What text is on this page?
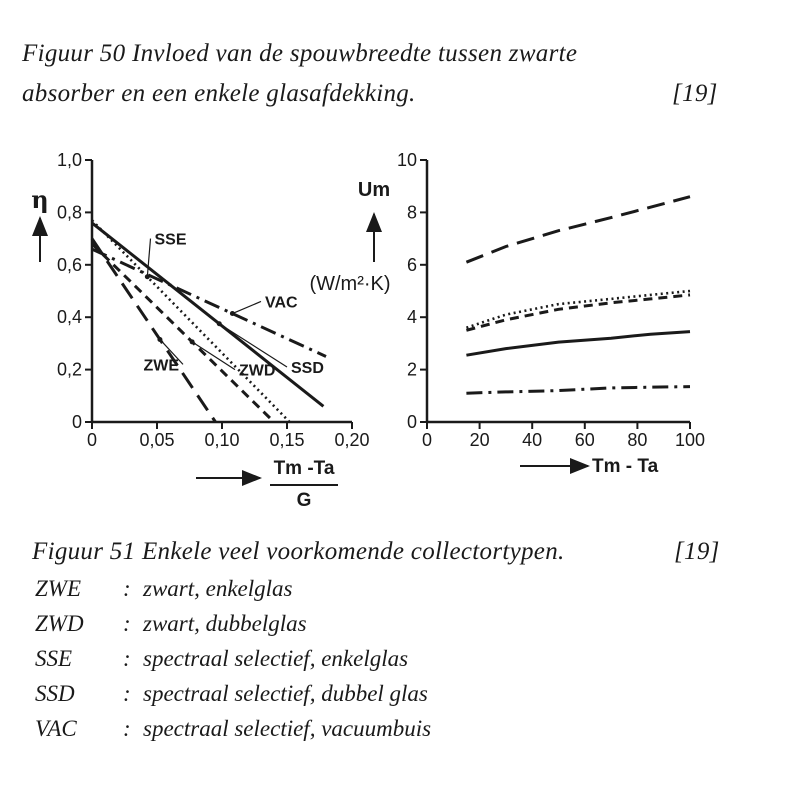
Figuur 50 Invloed van de spouwbreedte tussen zwarte
absorber en een enkele glasafdekking.	[19]
0
0,2
0,4
0,6
0,8
1,0
0 0,05 0,10 0,15 0,20
ZWE	ZWD
SSE
SSD
VAC
η
Tm -Ta
G
0
2
4
6
8
10
0 20 40 60 80 100
Um
(W/m²·K)
Tm - Ta
Figuur 51 Enkele veel voorkomende collectortypen.	[19]
ZWE : zwart, enkelglas
ZWD : zwart, dubbelglas
SSE : spectraal selectief, enkelglas
SSD : spectraal selectief, dubbel glas
VAC : spectraal selectief, vacuumbuis
